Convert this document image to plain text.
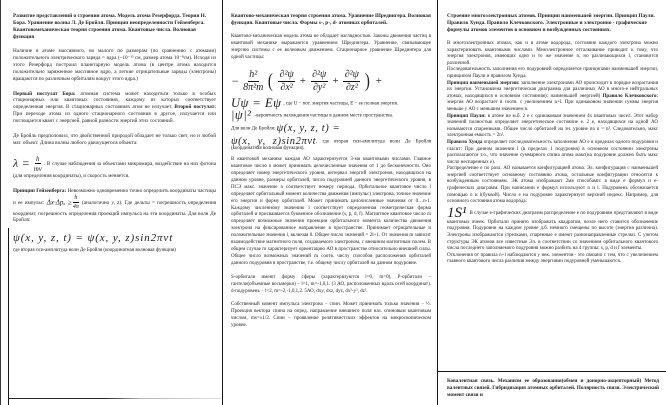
Развитие представлений о строении атома. Модель атома Резерфорда. Теория Н. Бора. Уравнение волны Л. Де Бройля. Принцип неопределенности Гейзенберга. Квантовомеханическая теория строения атома. Квантовые числа. Волновая функция

Наличие в атоме массивного, но малого по размерам (по сравнению с атомами) положительного электрического заряда = ядра (~10⁻¹³ см, размер атома 10⁻⁸см). Исходя из этого Резерфорд построил планетарную модель атома (в центре атома находится положительно заряженное массивное ядро, а легкие отрицательные заряды (электроны) вращаются по различным орбиталям вокруг этого ядра.)

Первый постулат Бора: атомная система может находиться только в особых стационарных или квантовых состояниях, каждому из которых соответствует определенная энергия. В стационарных состояниях атом не излучает. Второй постулат: При переходе атома из одного стационарного состояния в другое, излучается или поглощается квант с энергией, равной разности энергий этих состояний.

Де Бройль предположил, что двойственной природой обладает не только свет, но и любой мат. объект. Длина волны любого движущегося объекта:

$\lambda = \frac{h}{mv}$ . В случае наблюдения за объектами микромира, воздействие на них фотона (для определения координаты), и скорость меняется.

Принцип Гейзенберга: Невозможно одновременно точно определить координаты частицы и ее импульс: $\Delta x\cdot\Delta p_x \ge \frac{h}{4\pi}$ (аналогично y, z). Где дельты = погрешность определения координат, погрешность определения проекций импульса на эти координаты. Для волн Де Бройля:

ψ(x, y, z, t) = ψ(x, y, z)sin2πνt

где вторая пси-амплитуда волн Де Бройля (координатная волновая функция)

Квантово-механическая теория строения атома. Уравнение Шредингера. Волновая функция. Квантовые числа. Формы s-, p-, d- атомных орбиталей.

Квантово-механическая модель атома не обладает наглядностью. Законы движения частиц в квантовой механике выражаются уравнением Шредингера. Уравнение, связывающее энергию системы с ее волновым движением. Стационарное уравнение Шредингера для одной частицы:

− $\frac{\text{h²}}{\text{8π²m}}$ ( $\frac{\text{∂²ψ}}{\text{∂x²}} + \frac{\text{∂²ψ}}{\text{∂y²}} + \frac{\text{∂²ψ}}{\text{∂z²}}$ ) +

Uψ = Eψ , где U − пот. энергия частицы, Е − ее полная энергия.

|ψ|² -вероятность нахождения частицы в данном месте пространства.

Для волн Де Бройля: ψ(x, y, z, t) =

ψ(x, y, z)sin2πνt, где вторая пси-амплитуда волн Де Бройля (координатная волновая функция).

В квантовой механике каждая АО характеризуется 3-мя квантовыми числами. Главное квантовое число n может принимать целочисленные значения от 1 до бесконечности. Оно определяет номер энергетического уровня, интервал энергий электронов, находящихся на данном уровне, размеры орбиталей, число подуровней данного энергетического уровня, в ПСЭ макс. значение n соответствует номеру периода. Орбитальное квантовое число l определяет орбитальный момент количества движения (импульс) электрона, точное значение его энергии и форму орбиталей. Может принимать целочисленные значения от 0…n-1. Каждому численному значению l соответствует определенная геометрическая форма орбиталей и присваивается буквенное обозначение (s, p, d, f). Магнитное квантовое число m определяет возможные значения проекции орбитального момента количества движения электрона на фиксированное направление в пространстве. Принимает отрицательные и положительные значения l, включая 0. Общее число значений = 2l+1. От значения m зависит взаимодействие магнитного поля, создаваемого электроном, с внешним магнитным полем. В общем случае m характеризует ориентацию АО в пространстве относительно внешней силы. Общее число возможных значений m соотв. числу способов расположения орбиталей данного подуровня в пространстве, т.е. общему числу орбиталей на данном подуровне.

S-орбитали имеют форму сферы (характеризуются l=0, m=0), P-орбитали − гантели(объемные восьмерки) − l=1, m=-1,0,1. (3 АО, расположенных вдоль осей координат). d-подуровень − l=2, m=-2,-1,0,1,2. 5АО, dxy, dxz, dyz, dx²-y², dz².

Собственный момент импульса электрона − спин. Может принимать только значения − ½. Проекция вектора спина на опред. направление внешнего поля наз. спиновым квантовым числом, ms=±1/2. Спин − проявление релятивистских эффектов на микроскопическом уровне.

Строение многоэлектронных атомов. Принцип наименьшей энергии. Принцип Паули. Правило Хунда. Правило Клечковского. Электронные и электронно - графические формулы атомов элементов в основном и возбужденных состояниях.

В многоэлектронных атомах, как и в атоме водорода, состояние каждого электрона можно характеризовать квантовыми числами. Межэлектронное отталкивание приводит к тому, что энергия электронов, имеющих одно и то же значение n, но различающихся l, становится различной.

Последовательность заполнения его подуровней определяется принципами наименьшей энергии, принципом Паули и правилом Хунда.

Принцип наименьшей энергии: заполнение электронами АО происходит в порядке возрастания их энергии. Установлена энергетическая диаграмма для различных АО в много-е нейтральных атомах, находящихся в основном состоянии(с наименьшей энергией) Правило Клечковского: энергия АО возрастает в соотв. с увеличением n+l. При одинаковом значении суммы энергия меньше у АО с меньшим значением n.

Принцип Паули: в атоме не м.б. 2 е с одинаковым значением 4х квантовых чисел. Этот набор значений полностью определяет энергетическое состояние е. 2 е, находящихся на одной АО называются спаренными. Общее число орбиталей на эн. уровне по n = n². Следовательно, макс электронная емкость = 2n².

Правило Хунда определяет последовательность заполнения АО е в пределах одного подуровня и гласит: При данном значении l (в пределах 1 подуровня) в основном состоянии электроны располагаются т.о., что значение суммарного спина атома макс(на подуровне должно быть макс число неспаренных е).

Распределение е по разл. АО называется конфигурацией атома. Эл. конфигурация с наименьшей энергией соответствует основному состоянию атома, остальные конфигурации относятся к возбужденным состояниям. ЭК атома изображают 2мя способами: в виде е формул и е-графических диаграмм. При написании е формул используют n и l. Подуровень обозначается помощью n и l(буквой). Число е на подуровне характеризует верхний индекс. Например, для основного состояния атома водорода:

1S¹ В случае е-графических диаграмм распределение е по подуровням представляют в виде квантовых ячеек. Орбитали принято изображать квадратом, возле него ставится обозначение подуровня. Подуровни на каждом уровне д.б. немного смещены по высоте (энергия различна). Электроны изображаются стрелками, спаренные е имеют разнонаправленные стрелки. С учетом структуры ЭК атомов все известные Эл. в соответствии со значением орбитального квантового числа последнего заполняемого подуровня можно разбить на 4 группы: s, p, d и f элементы.

Отклонения от правила n+l наблюдаются у нек. элементов− это связано с тем, что с увеличением главного квантового числа различия между энергиями подуровней уменьшаются.

Ковалентная связь. Механизм ее образования(обмен и донорно-акцепторный) Метод валентных связей. Гибридизация атомных орбиталей. Полярность связи. Электрический момент связи и
